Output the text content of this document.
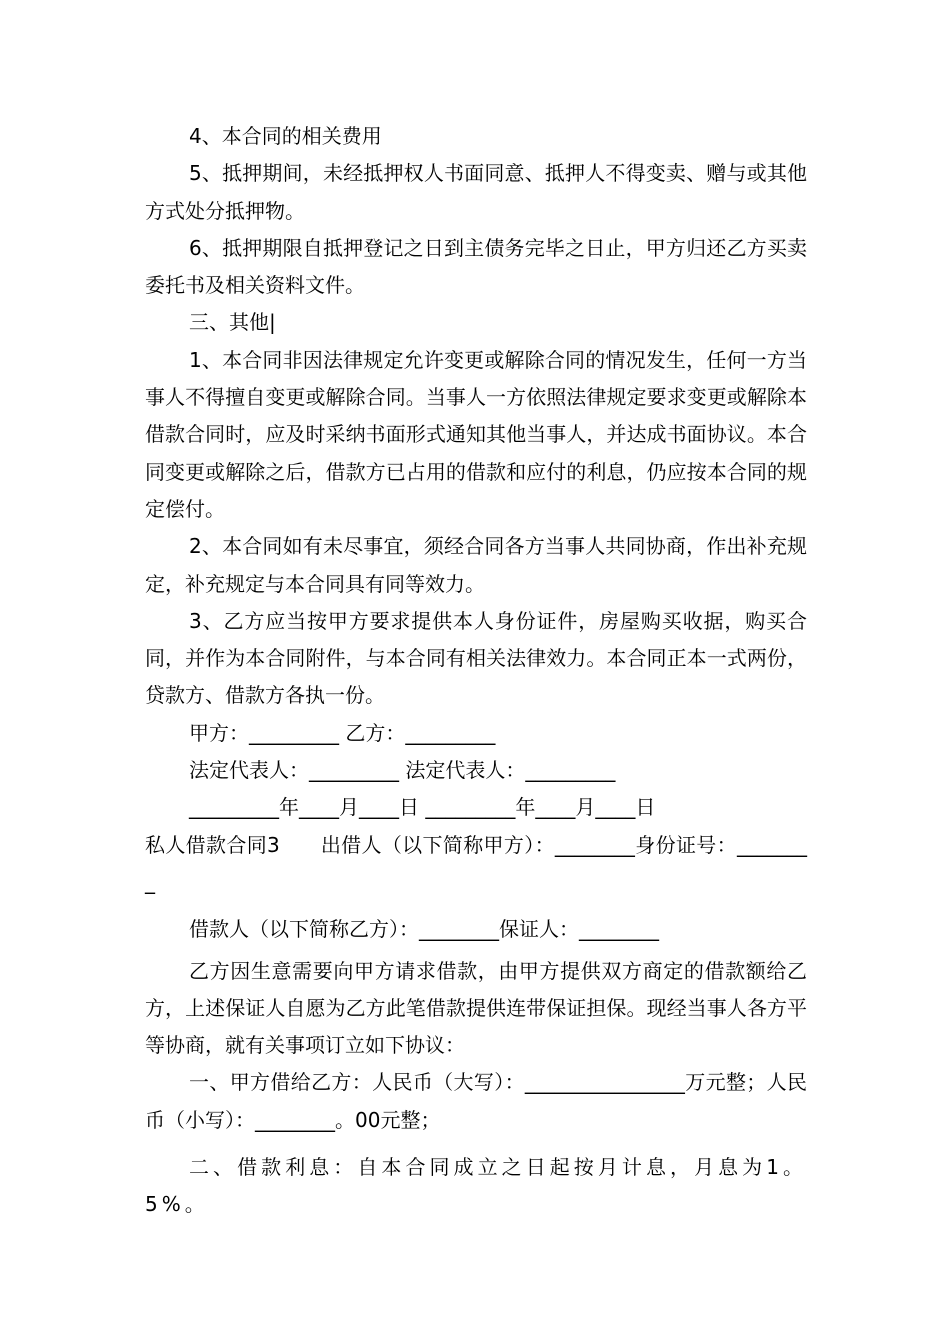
4、本合同的相关费用

5、抵押期间，未经抵押权人书面同意、抵押人不得变卖、赠与或其他方式处分抵押物。

6、抵押期限自抵押登记之日到主债务完毕之日止，甲方归还乙方买卖委托书及相关资料文件。

三、其他|

1、本合同非因法律规定允许变更或解除合同的情况发生，任何一方当事人不得擅自变更或解除合同。当事人一方依照法律规定要求变更或解除本借款合同时，应及时采纳书面形式通知其他当事人，并达成书面协议。本合同变更或解除之后，借款方已占用的借款和应付的利息，仍应按本合同的规定偿付。

2、本合同如有未尽事宜，须经合同各方当事人共同协商，作出补充规定，补充规定与本合同具有同等效力。

3、乙方应当按甲方要求提供本人身份证件，房屋购买收据，购买合同，并作为本合同附件，与本合同有相关法律效力。本合同正本一式两份，贷款方、借款方各执一份。

甲方：_________ 乙方：_________

法定代表人：_________ 法定代表人：_________

_________年____月____日 _________年____月____日

私人借款合同3　　出借人（以下简称甲方）：________身份证号：________

借款人（以下简称乙方）：________保证人：________

乙方因生意需要向甲方请求借款，由甲方提供双方商定的借款额给乙方，上述保证人自愿为乙方此笔借款提供连带保证担保。现经当事人各方平等协商，就有关事项订立如下协议：

一、甲方借给乙方：人民币（大写）：________________万元整；人民币（小写）：________。00元整；

二、借款利息：自本合同成立之日起按月计息，月息为1。5%。
